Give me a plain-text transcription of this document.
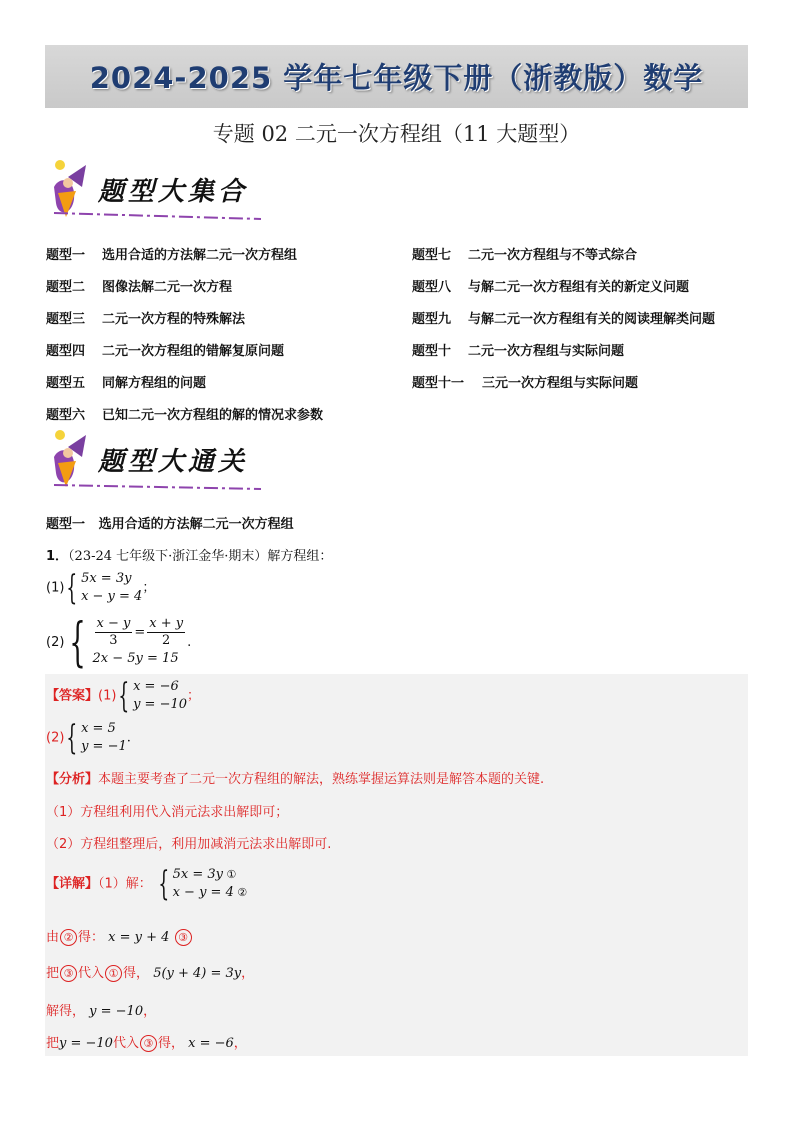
2024-2025 学年七年级下册（浙教版）数学
专题 02 二元一次方程组（11 大题型）
题型大集合
题型一 选用合适的方法解二元一次方程组
题型二 图像法解二元一次方程
题型三 二元一次方程的特殊解法
题型四 二元一次方程组的错解复原问题
题型五 同解方程组的问题
题型六 已知二元一次方程组的解的情况求参数
题型七 二元一次方程组与不等式综合
题型八 与解二元一次方程组有关的新定义问题
题型九 与解二元一次方程组有关的阅读理解类问题
题型十 二元一次方程组与实际问题
题型十一 三元一次方程组与实际问题
题型大通关
题型一 选用合适的方法解二元一次方程组
1．（23-24 七年级下·浙江金华·期末）解方程组：
(1){ 5x = 3y
x − y = 4；
(2) { $\frac{x - y}{3} = \frac{x + y}{2}$

2x − 5y = 15.
【答案】(1){ x = −6
y = −10；
(2){ x = 5
y = −1.
【分析】本题主要考查了二元一次方程组的解法，熟练掌握运算法则是解答本题的关键.
（1）方程组利用代入消元法求出解即可；
（2）方程组整理后，利用加减消元法求出解即可.
【详解】（1）解： { 5x = 3y ①
x − y = 4 ②
由 ② 得： x = y + 4 ③
把 ③ 代入 ① 得， 5(y + 4) = 3y，
解得， y = −10，
把y = −10代入 ③ 得， x = −6，
